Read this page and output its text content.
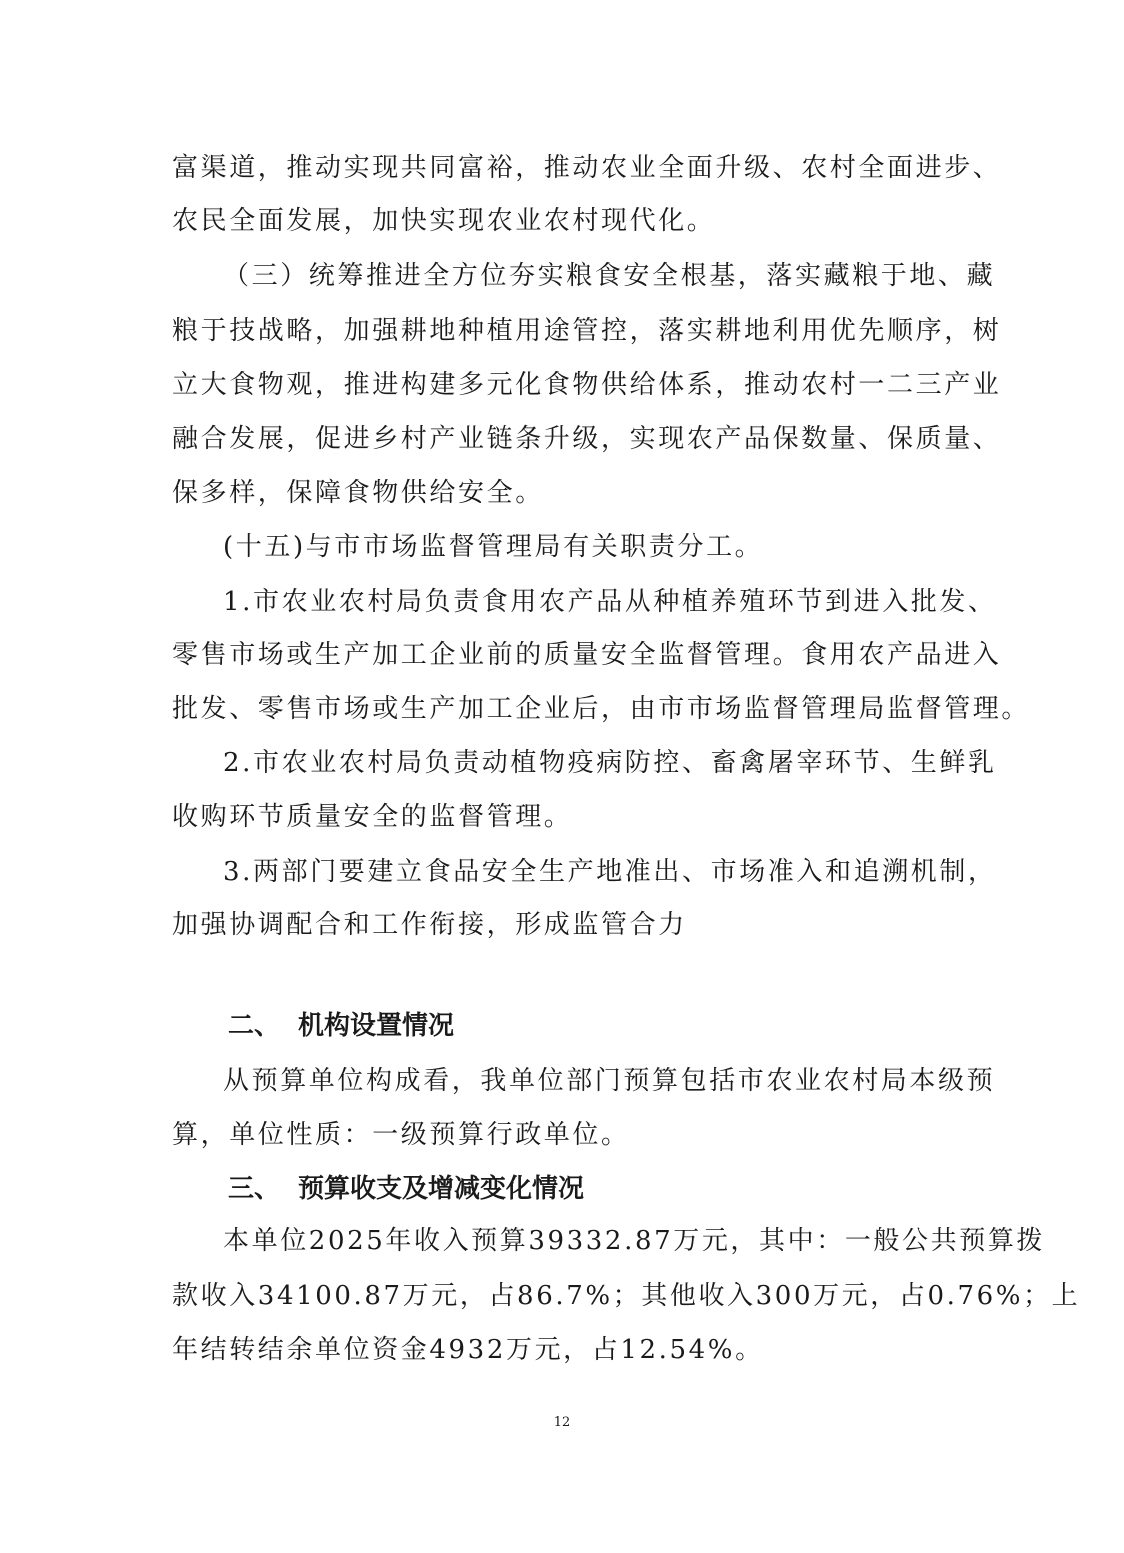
富渠道，推动实现共同富裕，推动农业全面升级、农村全面进步、
农民全面发展，加快实现农业农村现代化。
（三）统筹推进全方位夯实粮食安全根基，落实藏粮于地、藏
粮于技战略，加强耕地种植用途管控，落实耕地利用优先顺序，树
立大食物观，推进构建多元化食物供给体系，推动农村一二三产业
融合发展，促进乡村产业链条升级，实现农产品保数量、保质量、
保多样，保障食物供给安全。
(十五)与市市场监督管理局有关职责分工。
1.市农业农村局负责食用农产品从种植养殖环节到进入批发、
零售市场或生产加工企业前的质量安全监督管理。食用农产品进入
批发、零售市场或生产加工企业后，由市市场监督管理局监督管理。
2.市农业农村局负责动植物疫病防控、畜禽屠宰环节、生鲜乳
收购环节质量安全的监督管理。
3.两部门要建立食品安全生产地准出、市场准入和追溯机制，
加强协调配合和工作衔接，形成监管合力
二、 机构设置情况
从预算单位构成看，我单位部门预算包括市农业农村局本级预
算，单位性质：一级预算行政单位。
三、 预算收支及增减变化情况
本单位2025年收入预算39332.87万元，其中：一般公共预算拨
款收入34100.87万元，占86.7%；其他收入300万元，占0.76%；上
年结转结余单位资金4932万元，占12.54%。
12
